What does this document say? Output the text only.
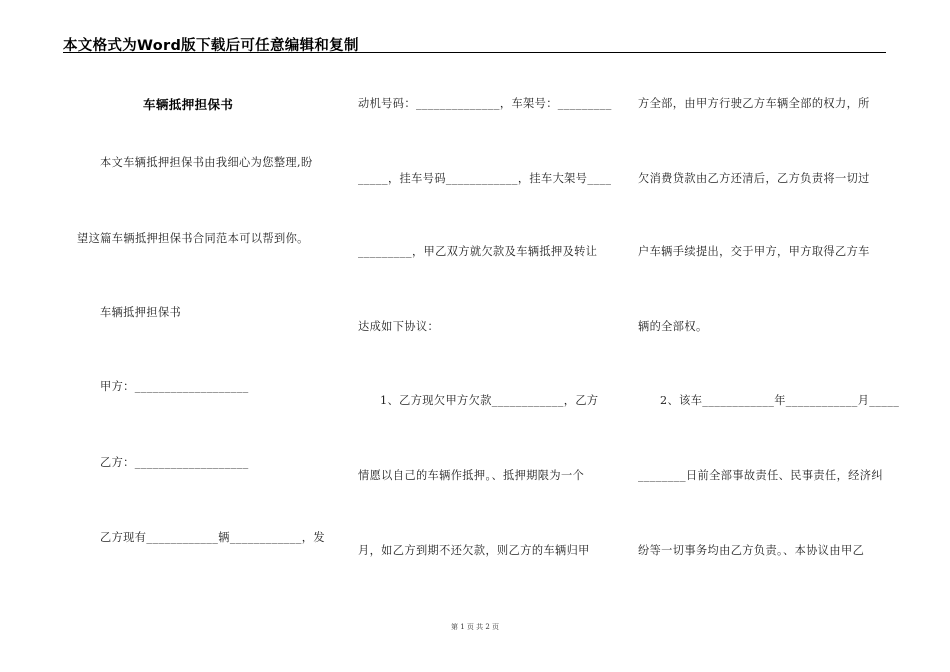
本文格式为Word版下载后可任意编辑和复制
车辆抵押担保书
本文车辆抵押担保书由我细心为您整理,盼
望这篇车辆抵押担保书合同范本可以帮到你。
车辆抵押担保书
甲方：___________________
乙方：___________________
乙方现有____________辆____________，发
动机号码：______________，车架号：_________
_____，挂车号码____________，挂车大架号____
_________，甲乙双方就欠款及车辆抵押及转让
达成如下协议：
1、乙方现欠甲方欠款____________，乙方
情愿以自己的车辆作抵押。、抵押期限为一个
月，如乙方到期不还欠款，则乙方的车辆归甲
方全部，由甲方行驶乙方车辆全部的权力，所
欠消费贷款由乙方还清后，乙方负责将一切过
户车辆手续提出，交于甲方，甲方取得乙方车
辆的全部权。
2、该车____________年____________月_____
________日前全部事故责任、民事责任，经济纠
纷等一切事务均由乙方负责。、本协议由甲乙
第 1 页 共 2 页
